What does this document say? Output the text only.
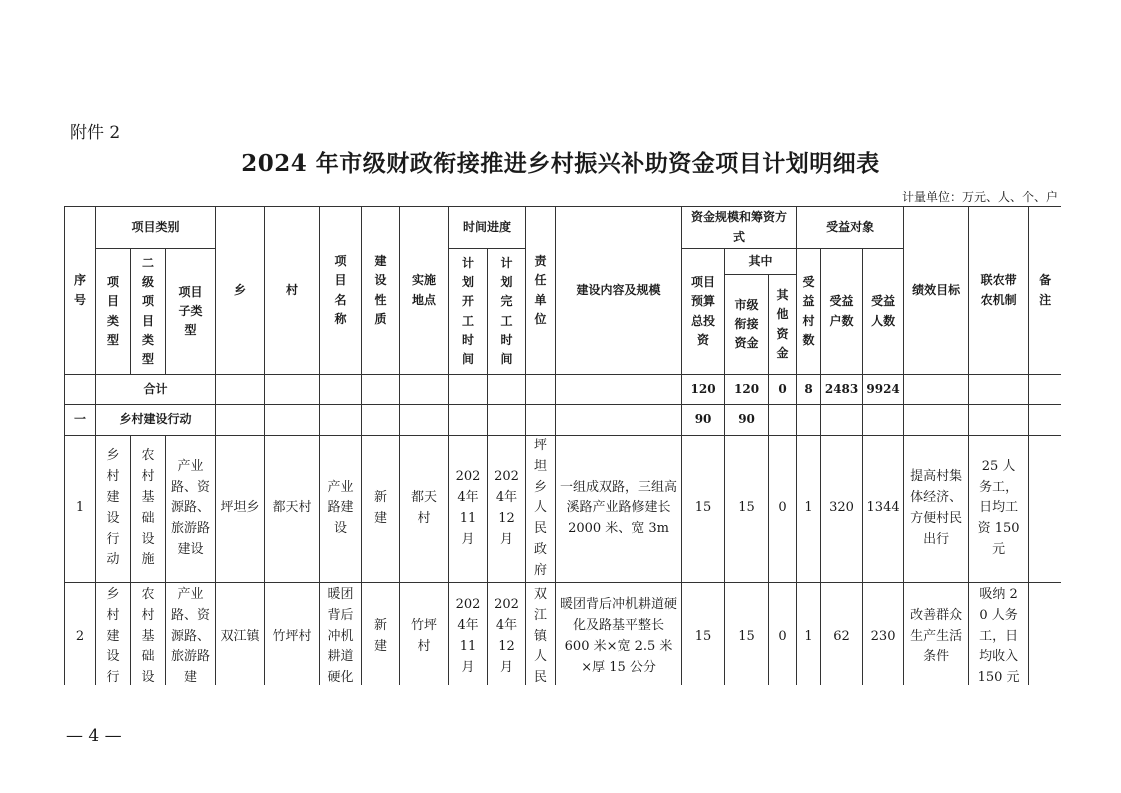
附件 2
2024 年市级财政衔接推进乡村振兴补助资金项目计划明细表
计量单位：万元、人、个、户
序号	项目类别			乡	村	项目名称	建设性质	实施地点	时间进度		责任单位	建设内容及规模	资金规模和筹资方式			受益对象			绩效目标	联农带农机制	备注

	项目类型	二级项目类型	项目子类型						计划开工时间	计划完工时间			项目预算总投资	其中		受益村数	受益户数	受益人数			

														市级衔接资金	其他资金						

	合计												120	120	0	8	2483	9924			
一	乡村建设行动												90	90							
1	乡村建设行动	农村基础设施	产业路、资源路、旅游路建设	坪坦乡	都天村	产业路建设	新建	都天村	2024年11月	2024年12月	坪坦乡人民政府	一组成双路，三组高溪路产业路修建长 2000 米、宽 3m	15	15	0	1	320	1344	提高村集体经济、方便村民出行	25 人务工，日均工资 150 元	

2	乡村建设行	农村基础设	产业路、资源路、旅游路建	双江镇	竹坪村	暖团背后冲机耕道硬化	新建	竹坪村	2024年11月	2024年12月	双江镇人民	暖团背后冲机耕道硬化及路基平整长 600 米×宽 2.5 米×厚 15 公分	15	15	0	1	62	230	改善群众生产生活条件	吸纳 20 人务工，日均收入 150 元	

— 4 —
